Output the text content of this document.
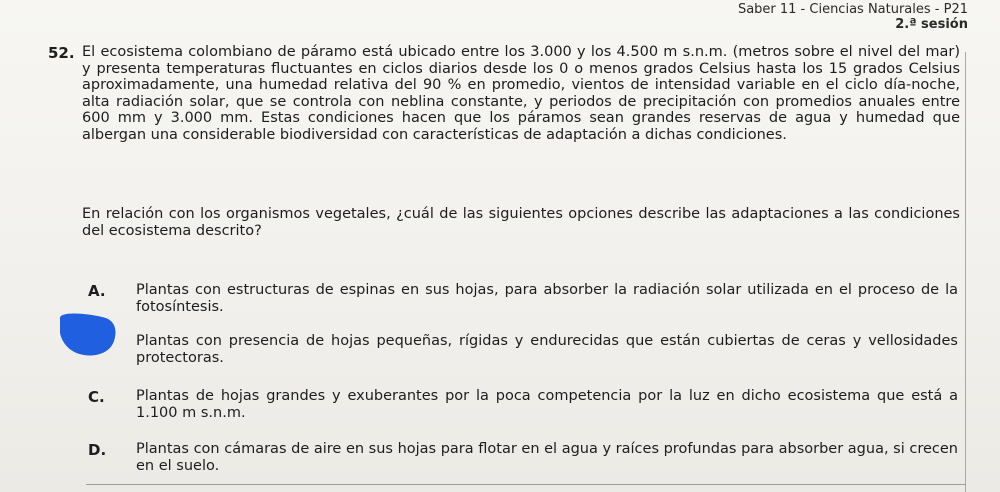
Saber 11 - Ciencias Naturales - P21
2.ª sesión
52. El ecosistema colombiano de páramo está ubicado entre los 3.000 y los 4.500 m s.n.m. (metros sobre el nivel del mar) y presenta temperaturas fluctuantes en ciclos diarios desde los 0 o menos grados Celsius hasta los 15 grados Celsius aproximadamente, una humedad relativa del 90 % en promedio, vientos de intensidad variable en el ciclo día-noche, alta radiación solar, que se controla con neblina constante, y periodos de precipitación con promedios anuales entre 600 mm y 3.000 mm. Estas condiciones hacen que los páramos sean grandes reservas de agua y humedad que albergan una considerable biodiversidad con características de adaptación a dichas condiciones.
En relación con los organismos vegetales, ¿cuál de las siguientes opciones describe las adaptaciones a las condiciones del ecosistema descrito?
A. Plantas con estructuras de espinas en sus hojas, para absorber la radiación solar utilizada en el proceso de la fotosíntesis.
Plantas con presencia de hojas pequeñas, rígidas y endurecidas que están cubiertas de ceras y vellosidades protectoras.
C. Plantas de hojas grandes y exuberantes por la poca competencia por la luz en dicho ecosistema que está a 1.100 m s.n.m.
D. Plantas con cámaras de aire en sus hojas para flotar en el agua y raíces profundas para absorber agua, si crecen en el suelo.
